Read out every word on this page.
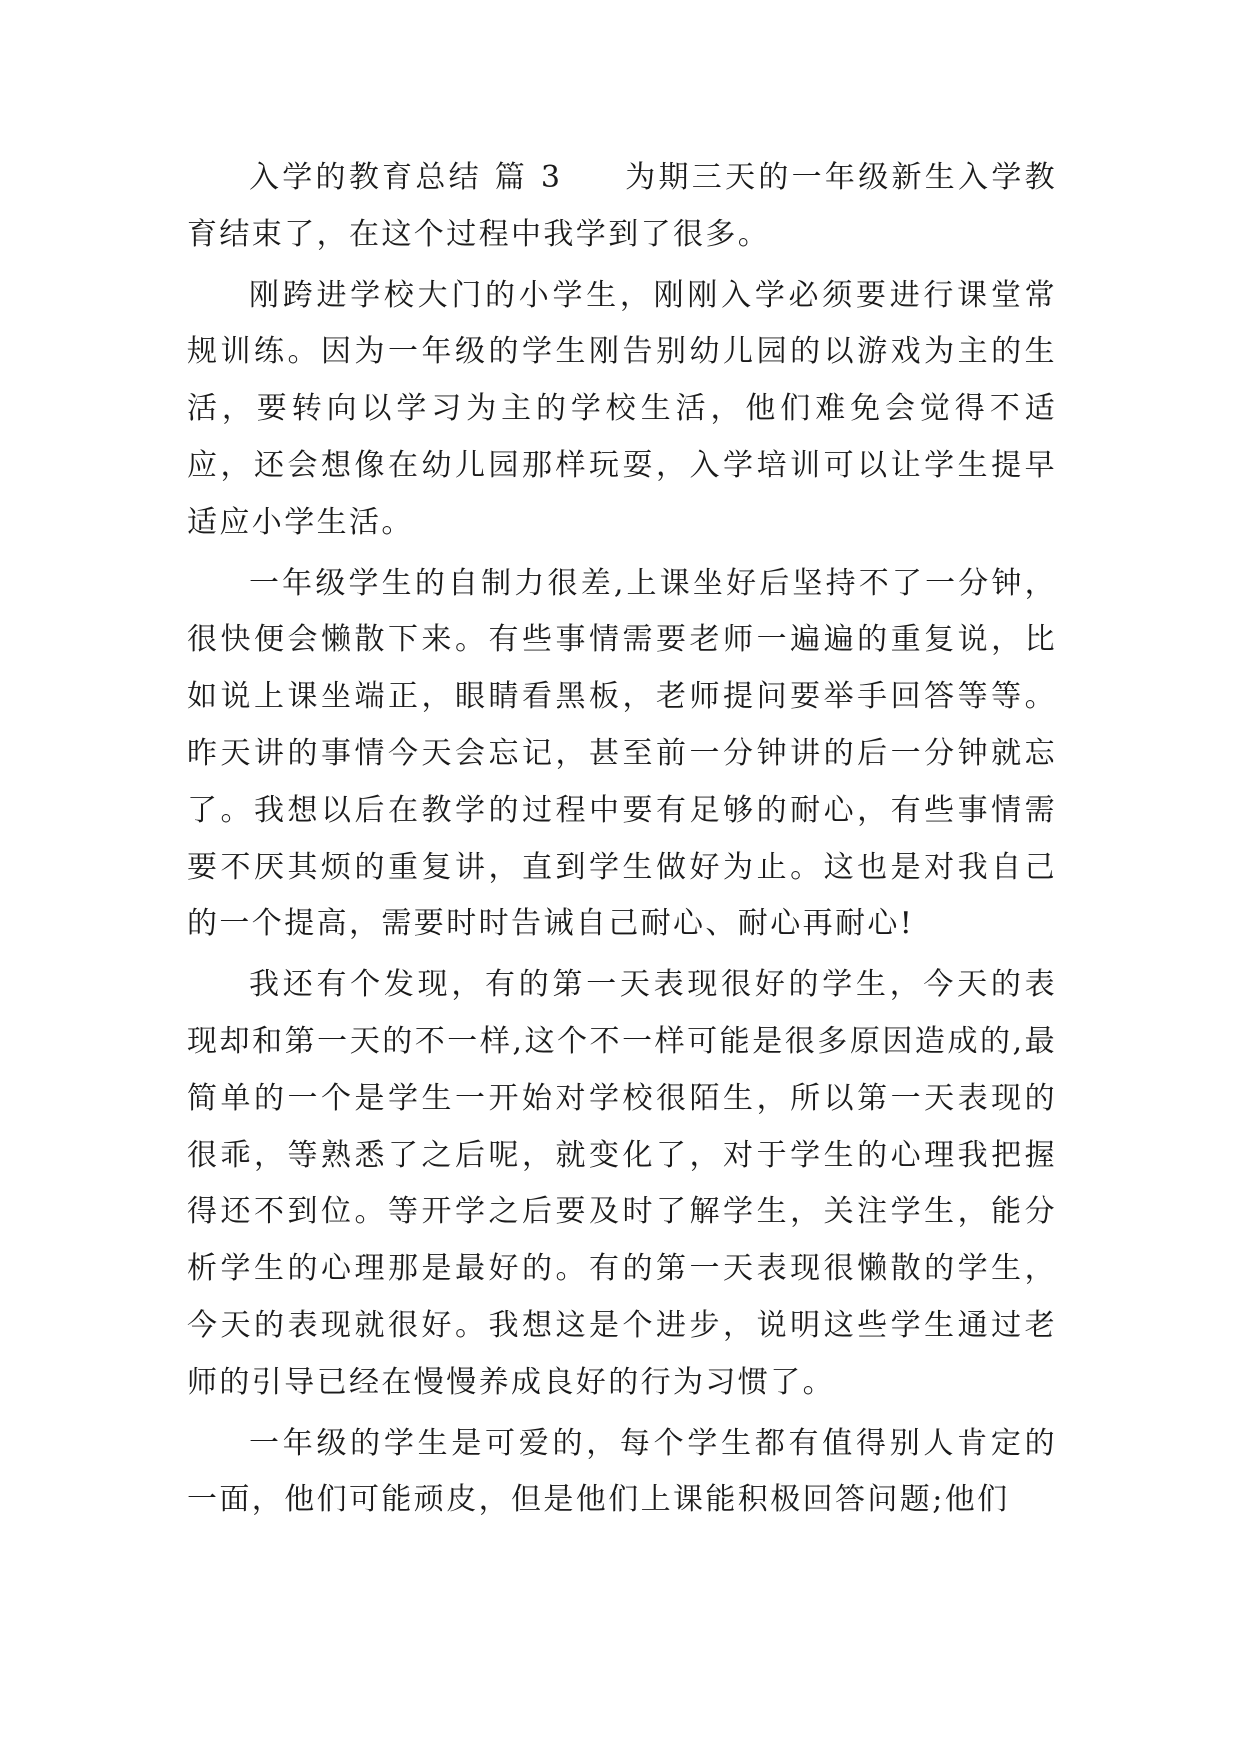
入学的教育总结 篇 3 为期三天的一年级新生入学教育结束了，在这个过程中我学到了很多。

刚跨进学校大门的小学生，刚刚入学必须要进行课堂常规训练。因为一年级的学生刚告别幼儿园的以游戏为主的生活，要转向以学习为主的学校生活，他们难免会觉得不适应，还会想像在幼儿园那样玩耍，入学培训可以让学生提早适应小学生活。

一年级学生的自制力很差,上课坐好后坚持不了一分钟，很快便会懒散下来。有些事情需要老师一遍遍的重复说，比如说上课坐端正，眼睛看黑板，老师提问要举手回答等等。昨天讲的事情今天会忘记，甚至前一分钟讲的后一分钟就忘了。我想以后在教学的过程中要有足够的耐心，有些事情需要不厌其烦的重复讲，直到学生做好为止。这也是对我自己的一个提高，需要时时告诫自己耐心、耐心再耐心!

我还有个发现，有的第一天表现很好的学生，今天的表现却和第一天的不一样,这个不一样可能是很多原因造成的,最简单的一个是学生一开始对学校很陌生，所以第一天表现的很乖，等熟悉了之后呢，就变化了，对于学生的心理我把握得还不到位。等开学之后要及时了解学生，关注学生，能分析学生的心理那是最好的。有的第一天表现很懒散的学生，今天的表现就很好。我想这是个进步，说明这些学生通过老师的引导已经在慢慢养成良好的行为习惯了。

一年级的学生是可爱的，每个学生都有值得别人肯定的一面，他们可能顽皮，但是他们上课能积极回答问题;他们
